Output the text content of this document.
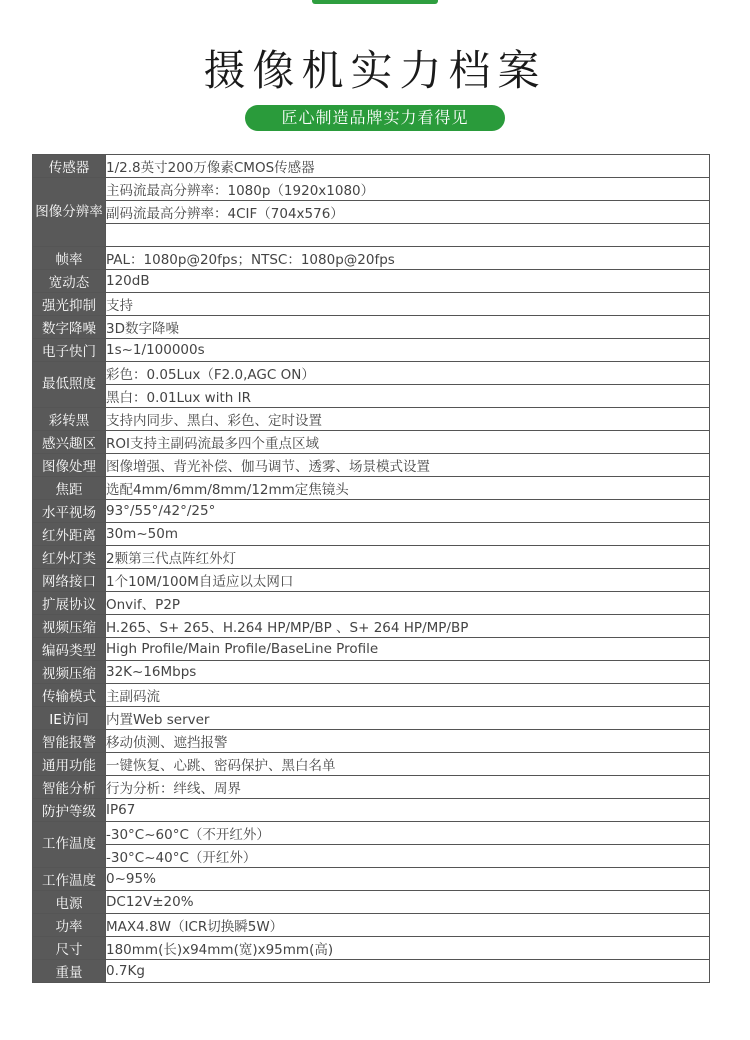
摄像机实力档案
匠心制造品牌实力看得见
传感器	1/2.8英寸200万像素CMOS传感器
图像分辨率	主码流最高分辨率：1080p（1920x1080）
	副码流最高分辨率：4CIF（704x576）

帧率	PAL：1080p@20fps；NTSC：1080p@20fps
宽动态	120dB
强光抑制	支持
数字降噪	3D数字降噪
电子快门	1s~1/100000s
最低照度	彩色：0.05Lux（F2.0,AGC ON）
	黑白：0.01Lux with IR
彩转黑	支持内同步、黑白、彩色、定时设置
感兴趣区	ROI支持主副码流最多四个重点区域
图像处理	图像增强、背光补偿、伽马调节、透雾、场景模式设置
焦距	选配4mm/6mm/8mm/12mm定焦镜头
水平视场	93°/55°/42°/25°
红外距离	30m~50m
红外灯类	2颗第三代点阵红外灯
网络接口	1个10M/100M自适应以太网口
扩展协议	Onvif、P2P
视频压缩	H.265、S+ 265、H.264 HP/MP/BP 、S+ 264 HP/MP/BP
编码类型	High Profile/Main Profile/BaseLine Profile
视频压缩	32K~16Mbps
传输模式	主副码流
IE访问	内置Web server
智能报警	移动侦测、遮挡报警
通用功能	一键恢复、心跳、密码保护、黑白名单
智能分析	行为分析：绊线、周界
防护等级	IP67
工作温度	-30°C~60°C（不开红外）
	-30°C~40°C（开红外）
工作温度	0~95%
电源	DC12V±20%
功率	MAX4.8W（ICR切换瞬5W）
尺寸	180mm(长)x94mm(宽)x95mm(高)
重量	0.7Kg
